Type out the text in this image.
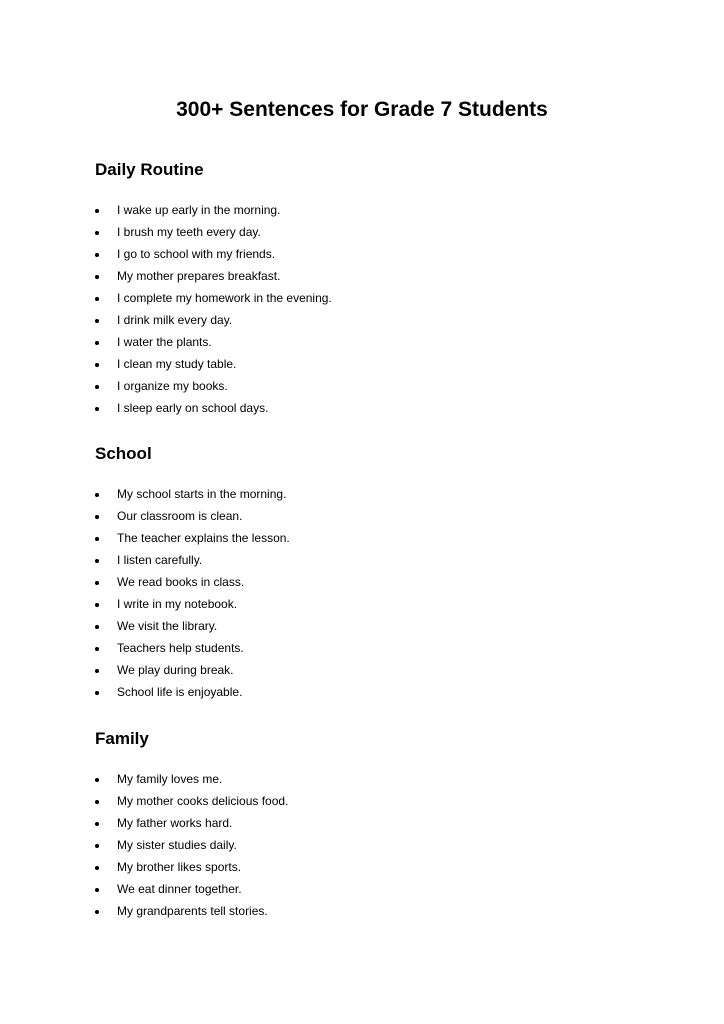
300+ Sentences for Grade 7 Students
Daily Routine
I wake up early in the morning.
I brush my teeth every day.
I go to school with my friends.
My mother prepares breakfast.
I complete my homework in the evening.
I drink milk every day.
I water the plants.
I clean my study table.
I organize my books.
I sleep early on school days.
School
My school starts in the morning.
Our classroom is clean.
The teacher explains the lesson.
I listen carefully.
We read books in class.
I write in my notebook.
We visit the library.
Teachers help students.
We play during break.
School life is enjoyable.
Family
My family loves me.
My mother cooks delicious food.
My father works hard.
My sister studies daily.
My brother likes sports.
We eat dinner together.
My grandparents tell stories.
